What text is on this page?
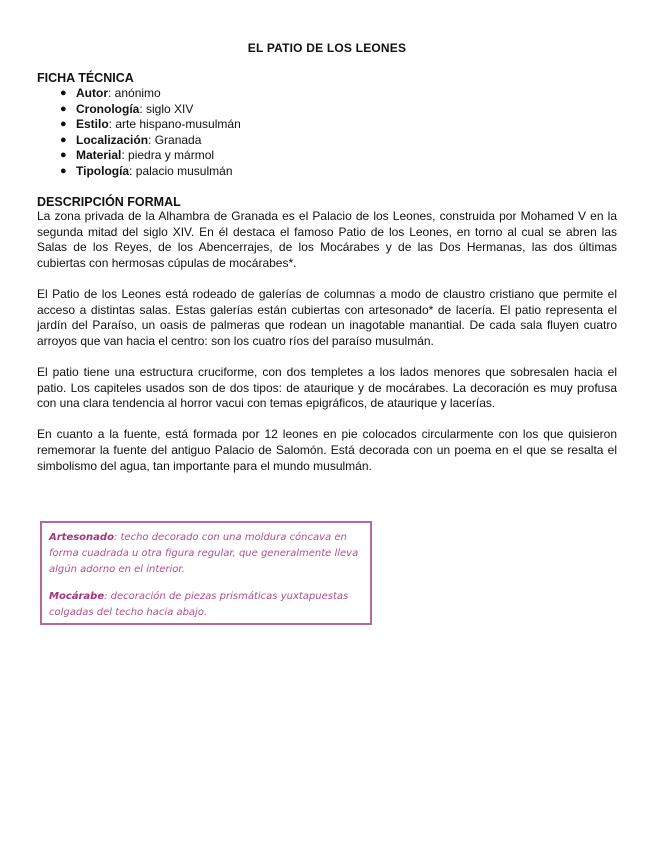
EL PATIO DE LOS LEONES
FICHA TÉCNICA
● Autor: anónimo
● Cronología: siglo XIV
● Estilo: arte hispano-musulmán
● Localización: Granada
● Material: piedra y mármol
● Tipología: palacio musulmán
DESCRIPCIÓN FORMAL

La zona privada de la Alhambra de Granada es el Palacio de los Leones, construida por Mohamed V en la segunda mitad del siglo XIV. En él destaca el famoso Patio de los Leones, en torno al cual se abren las Salas de los Reyes, de los Abencerrajes, de los Mocárabes y de las Dos Hermanas, las dos últimas cubiertas con hermosas cúpulas de mocárabes*.

El Patio de los Leones está rodeado de galerías de columnas a modo de claustro cristiano que permite el acceso a distintas salas. Estas galerías están cubiertas con artesonado* de lacería. El patio representa el jardín del Paraíso, un oasis de palmeras que rodean un inagotable manantial. De cada sala fluyen cuatro arroyos que van hacia el centro: son los cuatro ríos del paraíso musulmán.

El patio tiene una estructura cruciforme, con dos templetes a los lados menores que sobresalen hacia el patio. Los capiteles usados son de dos tipos: de ataurique y de mocárabes. La decoración es muy profusa con una clara tendencia al horror vacui con temas epigráficos, de ataurique y lacerías.

En cuanto a la fuente, está formada por 12 leones en pie colocados circularmente con los que quisieron rememorar la fuente del antiguo Palacio de Salomón. Está decorada con un poema en el que se resalta el simbolismo del agua, tan importante para el mundo musulmán.

Artesonado: techo decorado con una moldura cóncava en forma cuadrada u otra figura regular, que generalmente lleva algún adorno en el interior.

Mocárabe: decoración de piezas prismáticas yuxtapuestas colgadas del techo hacia abajo.
